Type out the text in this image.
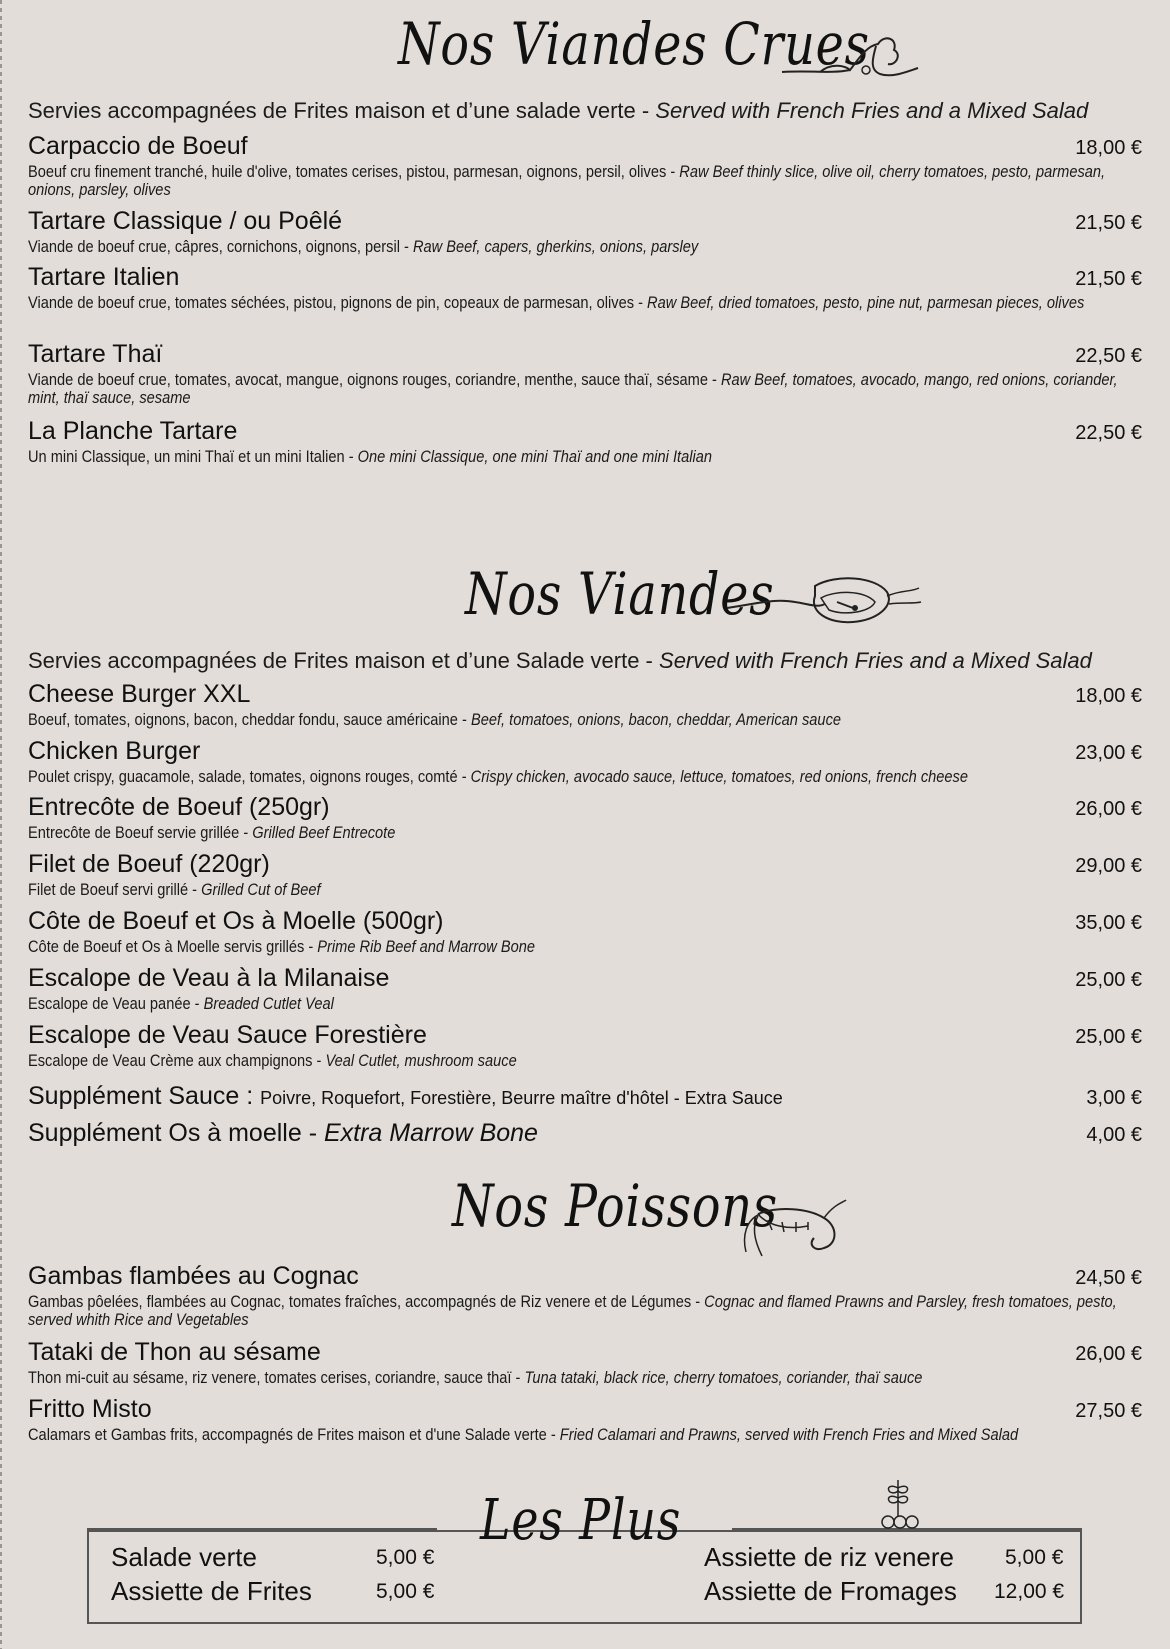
Nos Viandes Crues
Servies accompagnées de Frites maison et d’une salade verte - Served with French Fries and a Mixed Salad
Carpaccio de Boeuf	18,00 €
Boeuf cru finement tranché, huile d'olive, tomates cerises, pistou, parmesan, oignons, persil, olives - Raw Beef thinly slice, olive oil, cherry tomatoes, pesto, parmesan, onions, parsley, olives
Tartare Classique / ou Poêlé	21,50 €
Viande de boeuf crue, câpres, cornichons, oignons, persil - Raw Beef, capers, gherkins, onions, parsley
Tartare Italien	21,50 €
Viande de boeuf crue, tomates séchées, pistou, pignons de pin, copeaux de parmesan, olives - Raw Beef, dried tomatoes, pesto, pine nut, parmesan pieces, olives
Tartare Thaï	22,50 €
Viande de boeuf crue, tomates, avocat, mangue, oignons rouges, coriandre, menthe, sauce thaï, sésame - Raw Beef, tomatoes, avocado, mango, red onions, coriander, mint, thaï sauce, sesame
La Planche Tartare	22,50 €
Un mini Classique, un mini Thaï et un mini Italien - One mini Classique, one mini Thaï and one mini Italian
Nos Viandes
Servies accompagnées de Frites maison et d’une Salade verte - Served with French Fries and a Mixed Salad
Cheese Burger XXL	18,00 €
Boeuf, tomates, oignons, bacon, cheddar fondu, sauce américaine - Beef, tomatoes, onions, bacon, cheddar, American sauce
Chicken Burger	23,00 €
Poulet crispy, guacamole, salade, tomates, oignons rouges, comté - Crispy chicken, avocado sauce, lettuce, tomatoes, red onions, french cheese
Entrecôte de Boeuf (250gr)	26,00 €
Entrecôte de Boeuf servie grillée - Grilled Beef Entrecote
Filet de Boeuf (220gr)	29,00 €
Filet de Boeuf servi grillé - Grilled Cut of Beef
Côte de Boeuf et Os à Moelle (500gr)	35,00 €
Côte de Boeuf et Os à Moelle servis grillés - Prime Rib Beef and Marrow Bone
Escalope de Veau à la Milanaise	25,00 €
Escalope de Veau panée - Breaded Cutlet Veal
Escalope de Veau Sauce Forestière	25,00 €
Escalope de Veau Crème aux champignons - Veal Cutlet, mushroom sauce
Supplément Sauce : Poivre, Roquefort, Forestière, Beurre maître d'hôtel - Extra Sauce	3,00 €
Supplément Os à moelle - Extra Marrow Bone	4,00 €
Nos Poissons
Gambas flambées au Cognac	24,50 €
Gambas pôelées, flambées au Cognac, tomates fraîches, accompagnés de Riz venere et de Légumes - Cognac and flamed Prawns and Parsley, fresh tomatoes, pesto, served whith Rice and Vegetables
Tataki de Thon au sésame	26,00 €
Thon mi-cuit au sésame, riz venere, tomates cerises, coriandre, sauce thaï - Tuna tataki, black rice, cherry tomatoes, coriander, thaï sauce
Fritto Misto	27,50 €
Calamars et Gambas frits, accompagnés de Frites maison et d'une Salade verte - Fried Calamari and Prawns, served with French Fries and Mixed Salad
Les Plus
Salade verte	5,00 €
Assiette de Frites	5,00 €
Assiette de riz venere 5,00 €
Assiette de Fromages 12,00 €
